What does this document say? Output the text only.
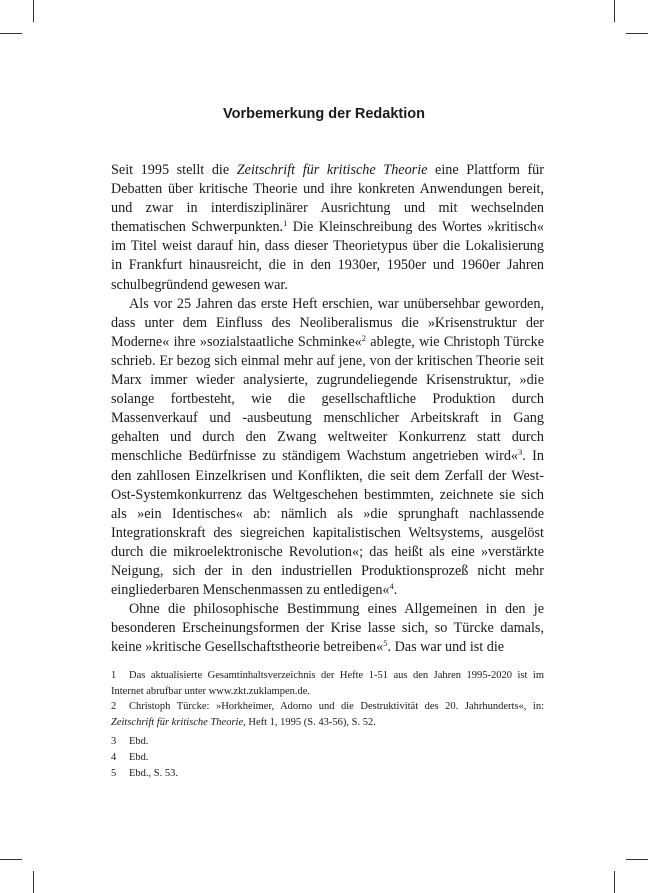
Vorbemerkung der Redaktion

Seit 1995 stellt die Zeitschrift für kritische Theorie eine Plattform für Debatten über kritische Theorie und ihre konkreten Anwendungen bereit, und zwar in interdisziplinärer Ausrichtung und mit wechselnden thematischen Schwerpunkten.$^1$ Die Kleinschreibung des Wortes »kritisch« im Titel weist darauf hin, dass dieser Theorietypus über die Lokalisierung in Frankfurt hinausreicht, die in den 1930er, 1950er und 1960er Jahren schulbegründend gewesen war.

Als vor 25 Jahren das erste Heft erschien, war unübersehbar geworden, dass unter dem Einfluss des Neoliberalismus die »Krisenstruktur der Moderne« ihre »sozialstaatliche Schminke«$^2$ ablegte, wie Christoph Türcke schrieb. Er bezog sich einmal mehr auf jene, von der kritischen Theorie seit Marx immer wieder analysierte, zugrundeliegende Krisenstruktur, »die solange fortbesteht, wie die gesellschaftliche Produktion durch Massenverkauf und -ausbeutung menschlicher Arbeitskraft in Gang gehalten und durch den Zwang weltweiter Konkurrenz statt durch menschliche Bedürfnisse zu ständigem Wachstum angetrieben wird«$^3$. In den zahllosen Einzelkrisen und Konflikten, die seit dem Zerfall der West-Ost-Systemkonkurrenz das Weltgeschehen bestimmten, zeichnete sie sich als »ein Identisches« ab: nämlich als »die sprunghaft nachlassende Integrationskraft des siegreichen kapitalistischen Weltsystems, ausgelöst durch die mikroelektronische Revolution«; das heißt als eine »verstärkte Neigung, sich der in den industriellen Produktionsprozeß nicht mehr eingliederbaren Menschenmassen zu entledigen«$^4$.

Ohne die philosophische Bestimmung eines Allgemeinen in den je besonderen Erscheinungsformen der Krise lasse sich, so Türcke damals, keine »kritische Gesellschaftstheorie betreiben«$^5$. Das war und ist die

1 Das aktualisierte Gesamtinhaltsverzeichnis der Hefte 1-51 aus den Jahren 1995-2020 ist im Internet abrufbar unter www.zkt.zuklampen.de.
2 Christoph Türcke: »Horkheimer, Adorno und die Destruktivität des 20. Jahrhunderts«, in: Zeitschrift für kritische Theorie, Heft 1, 1995 (S. 43-56), S. 52.
3 Ebd.
4 Ebd.
5 Ebd., S. 53.
